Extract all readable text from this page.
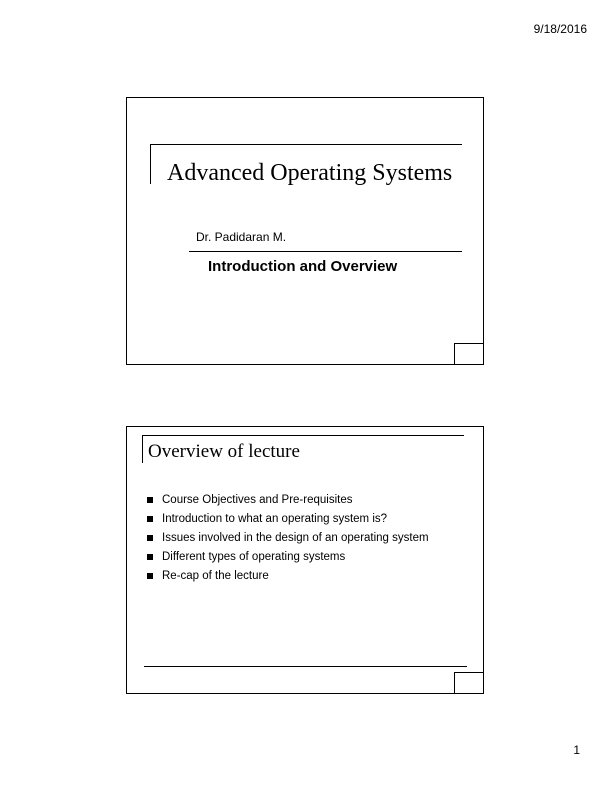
9/18/2016
Advanced Operating Systems
Dr. Padidaran M.
Introduction and Overview
Overview of lecture
Course Objectives and Pre-requisites
Introduction to what an operating system is?
Issues involved in the design of an operating system
Different types of operating systems
Re-cap of the lecture
1
